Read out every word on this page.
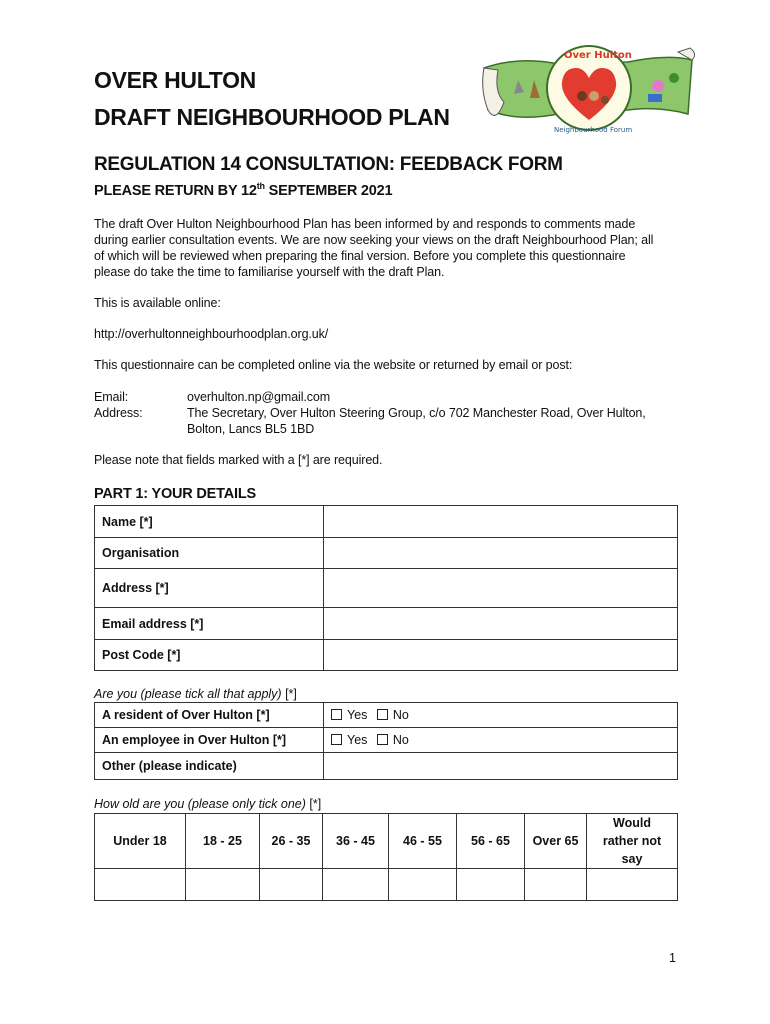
OVER HULTON
DRAFT NEIGHBOURHOOD PLAN
Over Hulton
Neighbourhood Forum
REGULATION 14 CONSULTATION: FEEDBACK FORM
PLEASE RETURN BY 12th SEPTEMBER 2021
The draft Over Hulton Neighbourhood Plan has been informed by and responds to comments made
during earlier consultation events. We are now seeking your views on the draft Neighbourhood Plan; all
of which will be reviewed when preparing the final version. Before you complete this questionnaire
please do take the time to familiarise yourself with the draft Plan.
This is available online:
http://overhultonneighbourhoodplan.org.uk/
This questionnaire can be completed online via the website or returned by email or post:
Email:	overhulton.np@gmail.com
Address:	The Secretary, Over Hulton Steering Group, c/o 702 Manchester Road, Over Hulton,
Bolton, Lancs BL5 1BD
Please note that fields marked with a [*] are required.
PART 1: YOUR DETAILS
Name [*]	
Organisation	
Address [*]	
Email address [*]	
Post Code [*]	
Are you (please tick all that apply) [*]
A resident of Over Hulton [*]	Yes No
An employee in Over Hulton [*]	Yes No
Other (please indicate)	
How old are you (please only tick one) [*]
Under 18	18 - 25	26 - 35	36 - 45	46 - 55	56 - 65	Over 65	Would rather not say

1
